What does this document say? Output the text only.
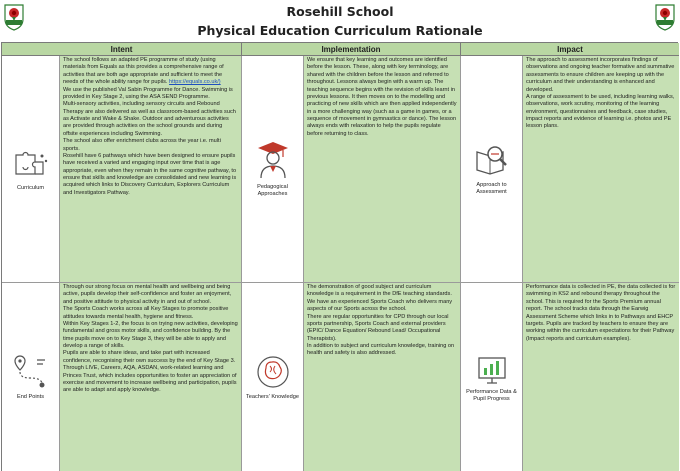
Rosehill School
Physical Education Curriculum Rationale
Intent	Implementation	Impact
Curriculum

The school follows an adapted PE programme of study (using materials from Equals as this provides a comprehensive range of activities that are both age appropriate and sufficient to meet the needs of the whole ability range for pupils. https://equals.co.uk/)

We use the published Val Sabin Programme for Dance. Swimming is provided in Key Stage 2, using the ASA SEND Programme.

Multi-sensory activities, including sensory circuits and Rebound Therapy are also delivered as well as classroom-based activities such as Activate and Wake & Shake. Outdoor and adventurous activities are provided through activities on the school grounds and during offsite experiences including Swimming.

The school also offer enrichment clubs across the year i.e. multi sports.

Rosehill have 6 pathways which have been designed to ensure pupils have received a varied and engaging input over time that is age appropriate, even when they remain in the same cognitive pathway, to ensure that skills and knowledge are consolidated and new learning is acquired which links to Discovery Curriculum, Explorers Curriculum and Investigators Pathway.

Pedagogical Approaches

We ensure that key learning and outcomes are identified before the lesson. These, along with key terminology, are shared with the children before the lesson and referred to throughout. Lessons always begin with a warm up. The teaching sequence begins with the revision of skills learnt in previous lessons. It then moves on to the modelling and practicing of new skills which are then applied independently in a more challenging way (such as a game in games, or a sequence of movement in gymnastics or dance). The lesson always ends with relaxation to help the pupils regulate before returning to class.

Approach to Assessment

The approach to assessment incorporates findings of observations and ongoing teacher formative and summative assessments to ensure children are keeping up with the curriculum and their understanding is enhanced and developed.

A range of assessment to be used, including learning walks, observations, work scrutiny, monitoring of the learning environment, questionnaires and feedback, case studies, impact reports and evidence of learning i.e. photos and PE lesson plans.

End Points

Through our strong focus on mental health and wellbeing and being active, pupils develop their self-confidence and foster an enjoyment, and positive attitude to physical activity in and out of school.

The Sports Coach works across all Key Stages to promote positive attitudes towards mental health, hygiene and fitness.

Within Key Stages 1-2, the focus is on trying new activities, developing fundamental and gross motor skills, and confidence building. By the time pupils move on to Key Stage 3, they will be able to apply and develop a range of skills.

Pupils are able to share ideas, and take part with increased confidence, recognising their own success by the end of Key Stage 3.

Through LIVE, Careers, AQA, ASDAN, work-related learning and Princes Trust, which includes opportunities to foster an appreciation of exercise and movement to increase wellbeing and participation, pupils are able to adapt and apply knowledge.

Teachers' Knowledge

The demonstration of good subject and curriculum knowledge is a requirement in the DfE teaching standards. We have an experienced Sports Coach who delivers many aspects of our Sports across the school.

There are regular opportunities for CPD through our local sports partnership, Sports Coach and external providers (EPIC/ Dance Equation/ Rebound Lead/ Occupational Therapists).

In addition to subject and curriculum knowledge, training on health and safety is also addressed.

Performance Data & Pupil Progress

Performance data is collected in PE, the data collected is for swimming in KS2 and rebound therapy throughout the school. This is required for the Sports Premium annual report. The school tracks data through the Earwig Assessment Scheme which links in to Pathways and EHCP targets. Pupils are tracked by teachers to ensure they are working within the curriculum expectations for their Pathway (Impact reports and curriculum examples).
